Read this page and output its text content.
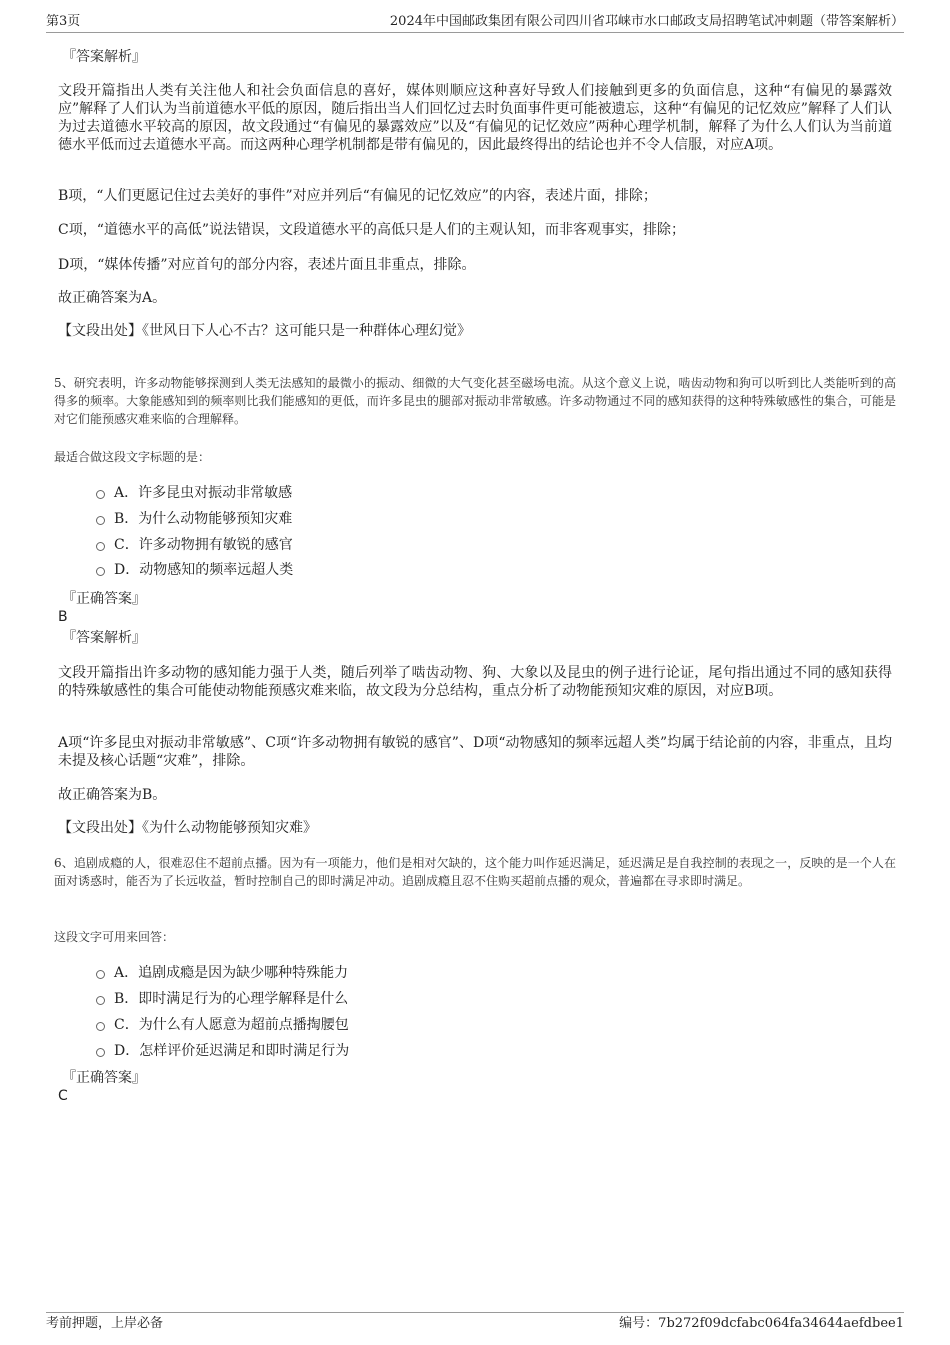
第3页	2024年中国邮政集团有限公司四川省邛崃市水口邮政支局招聘笔试冲刺题（带答案解析）
『答案解析』

文段开篇指出人类有关注他人和社会负面信息的喜好，媒体则顺应这种喜好导致人们接触到更多的负面信息，这种“有偏见的暴露效应”解释了人们认为当前道德水平低的原因，随后指出当人们回忆过去时负面事件更可能被遗忘，这种“有偏见的记忆效应”解释了人们认为过去道德水平较高的原因，故文段通过“有偏见的暴露效应”以及“有偏见的记忆效应”两种心理学机制，解释了为什么人们认为当前道德水平低而过去道德水平高。而这两种心理学机制都是带有偏见的，因此最终得出的结论也并不令人信服，对应A项。

B项，“人们更愿记住过去美好的事件”对应并列后“有偏见的记忆效应”的内容，表述片面，排除；

C项，“道德水平的高低”说法错误，文段道德水平的高低只是人们的主观认知，而非客观事实，排除；

D项，“媒体传播”对应首句的部分内容，表述片面且非重点，排除。

故正确答案为A。

【文段出处】《世风日下人心不古？这可能只是一种群体心理幻觉》

5、研究表明，许多动物能够探测到人类无法感知的最微小的振动、细微的大气变化甚至磁场电流。从这个意义上说，啮齿动物和狗可以听到比人类能听到的高得多的频率。大象能感知到的频率则比我们能感知的更低，而许多昆虫的腿部对振动非常敏感。许多动物通过不同的感知获得的这种特殊敏感性的集合，可能是对它们能预感灾难来临的合理解释。

最适合做这段文字标题的是：

A．许多昆虫对振动非常敏感
B．为什么动物能够预知灾难
C．许多动物拥有敏锐的感官
D．动物感知的频率远超人类
『正确答案』
B
『答案解析』

文段开篇指出许多动物的感知能力强于人类，随后列举了啮齿动物、狗、大象以及昆虫的例子进行论证，尾句指出通过不同的感知获得的特殊敏感性的集合可能使动物能预感灾难来临，故文段为分总结构，重点分析了动物能预知灾难的原因，对应B项。

A项“许多昆虫对振动非常敏感”、C项“许多动物拥有敏锐的感官”、D项“动物感知的频率远超人类”均属于结论前的内容，非重点，且均未提及核心话题“灾难”，排除。

故正确答案为B。

【文段出处】《为什么动物能够预知灾难》

6、追剧成瘾的人，很难忍住不超前点播。因为有一项能力，他们是相对欠缺的，这个能力叫作延迟满足，延迟满足是自我控制的表现之一，反映的是一个人在面对诱惑时，能否为了长远收益，暂时控制自己的即时满足冲动。追剧成瘾且忍不住购买超前点播的观众，普遍都在寻求即时满足。

这段文字可用来回答：

A．追剧成瘾是因为缺少哪种特殊能力
B．即时满足行为的心理学解释是什么
C．为什么有人愿意为超前点播掏腰包
D．怎样评价延迟满足和即时满足行为
『正确答案』
C
考前押题，上岸必备	编号：7b272f09dcfabc064fa34644aefdbee1
